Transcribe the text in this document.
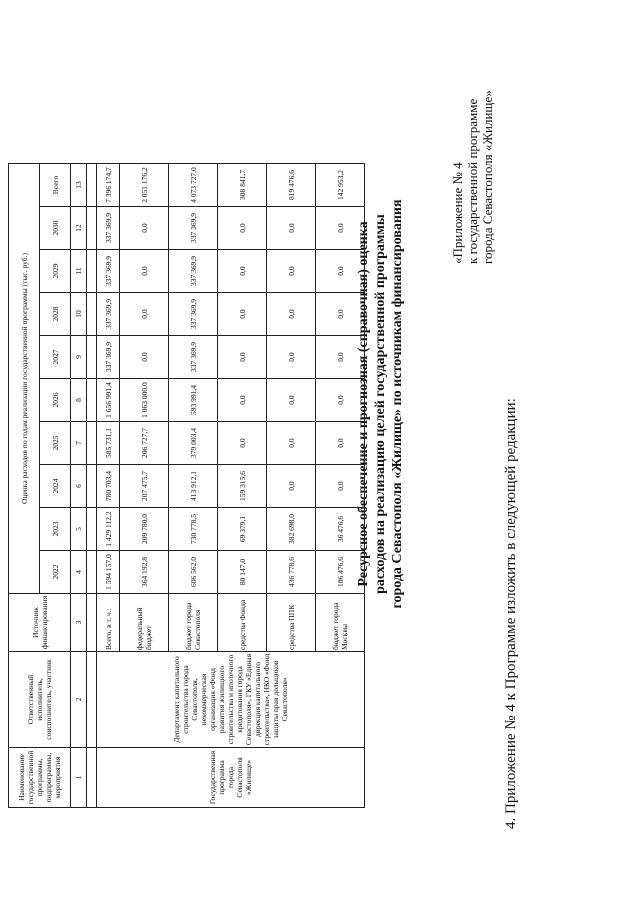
4. Приложение № 4 к Программе изложить в следующей редакции:
«Приложение № 4 к государственной программе города Севастополя «Жилище»
Ресурсное обеспечение и прогнозная (справочная) оценка расходов на реализацию целей государственной программы города Севастополя «Жилище» по источникам финансирования
Наименование государственной программы, подпрограммы, мероприятия	Ответственный исполнитель, соисполнитель, участник	Источник финансирования	Оценка расходов по годам реализации государственной программы (тыс. руб.)									
			2022	2023	2024	2025	2026	2027	2028	2029	2030	Всего
1	2	3	4	5	6	7	8	9	10	11	12	13

Государственная программа города Севастополя «Жилище»	Департамент капитального строительства города Севастополя, некоммерческая организация «Фонд развития жилищного строительства и ипотечного кредитования города Севастополя», ГКУ «Единая дирекция капитального строительства», НКО «Фонд защиты прав дольщиков Севастополя»	Всего, в т. ч.:	1 594 157,0	1 429 112,2	780 703,4	585 731,1	1 656 991,4	337 369,9	337 369,9	337 369,9	337 369,9	7 396 174,7
		федеральный бюджет	364 192,8	209 780,0	207 475,7	206 727,7	1 063 000,0	0,0	0,0	0,0	0,0	2 051 176,2
		бюджет города Севастополя	606 562,0	730 778,5	413 912,1	379 003,4	593 991,4	337 369,9	337 369,9	337 369,9	337 369,9	4 073 727,0
		средства Фонда	80 147,0	69 379,1	159 315,6	0,0	0,0	0,0	0,0	0,0	0,0	308 841,7
		средства ППК	436 778,6	382 698,0	0,0	0,0	0,0	0,0	0,0	0,0	0,0	819 476,6
		бюджет города Москвы	106 476,6	36 476,6	0,0	0,0	0,0	0,0	0,0	0,0	0,0	142 953,2
